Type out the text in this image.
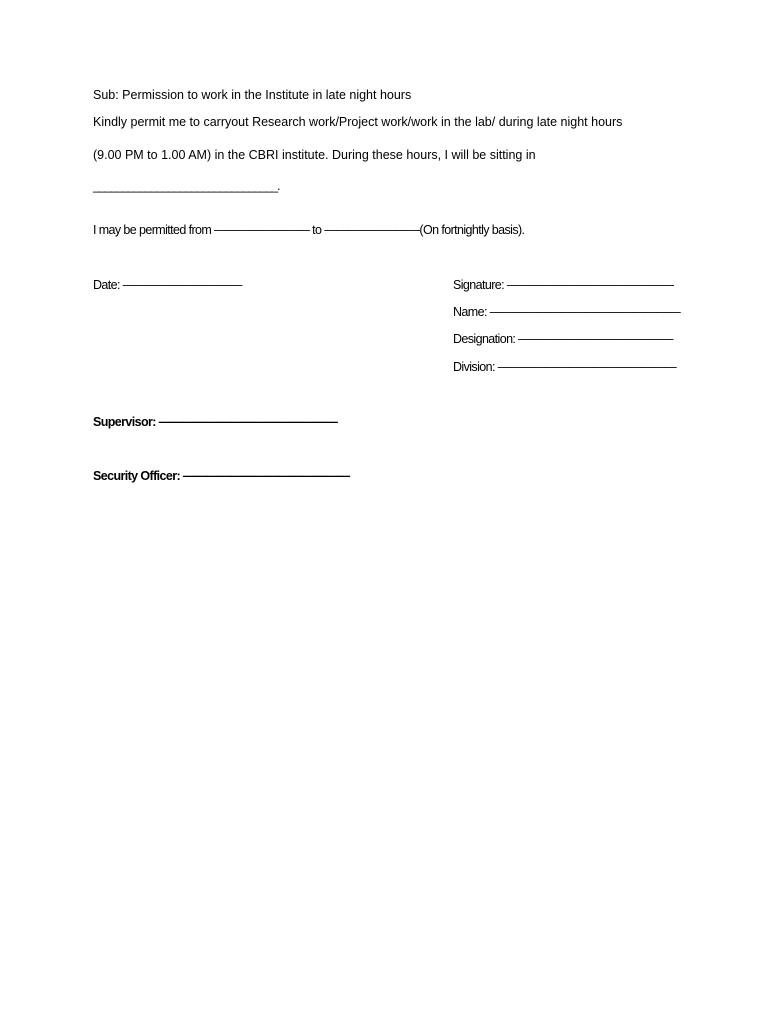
Sub: Permission to work in the Institute in late night hours
Kindly permit me to carryout Research work/Project work/work in the lab/ during late night hours
(9.00 PM to 1.00 AM) in the CBRI institute. During these hours, I will be sitting in
________________________________.
I may be permitted from ———————— to ————————(On fortnightly basis).
Date: ——————————	Signature: ——————————————
Name: ————————————————
Designation: —————————————
Division: ———————————————
Supervisor: ———————————————
Security Officer: ——————————————
